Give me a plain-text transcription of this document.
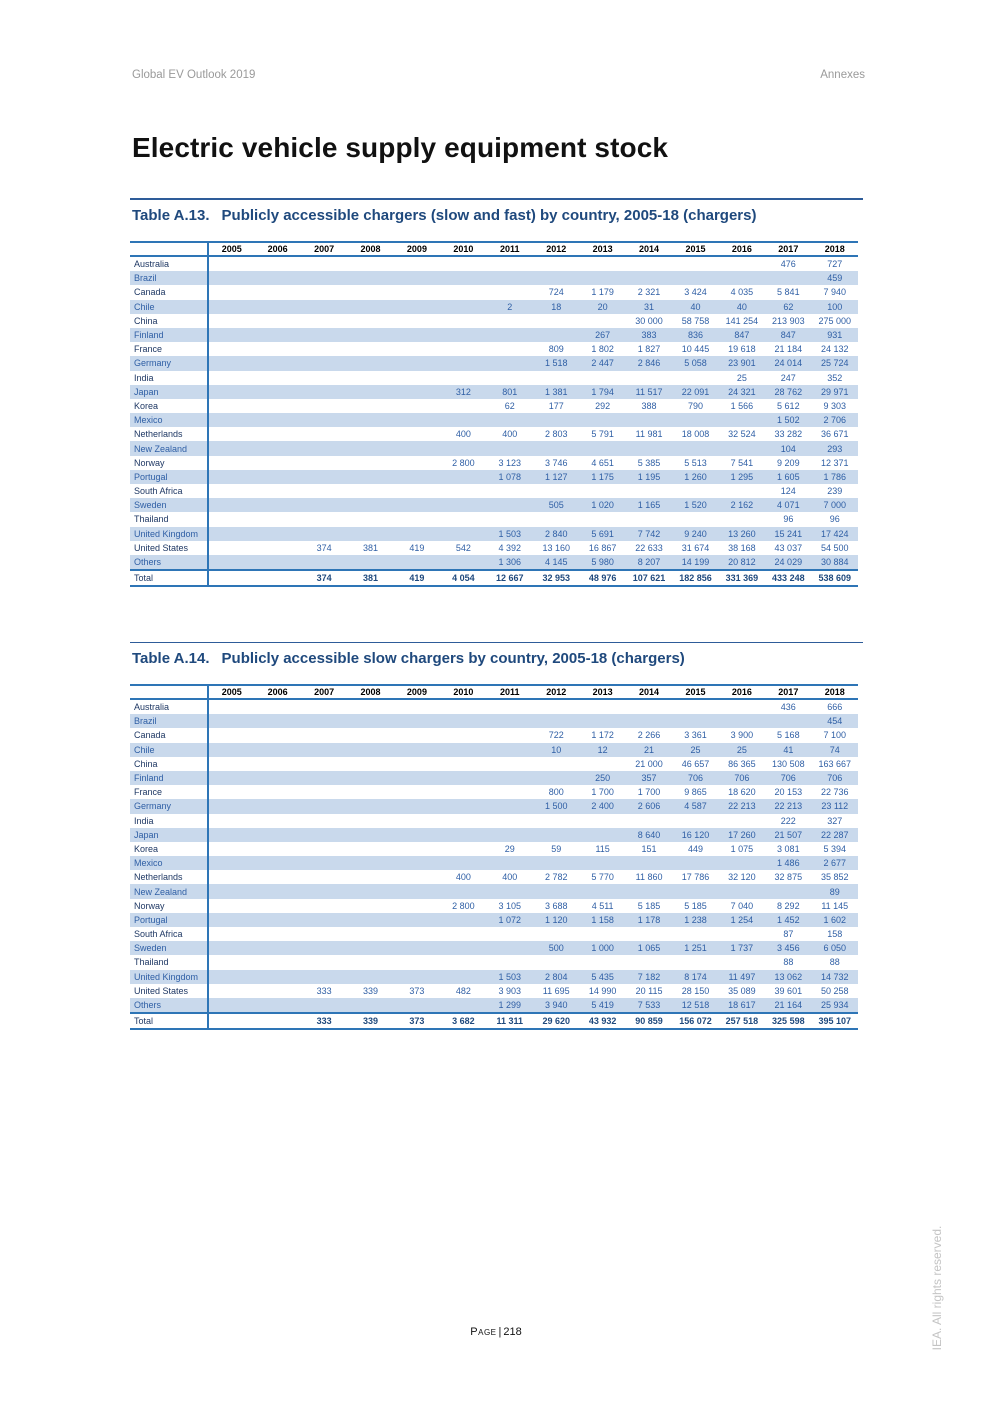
Global EV Outlook 2019	Annexes
Electric vehicle supply equipment stock
Table A.13. Publicly accessible chargers (slow and fast) by country, 2005-18 (chargers)
	2005	2006	2007	2008	2009	2010	2011	2012	2013	2014	2015	2016	2017	2018
Australia													476	727
Brazil														459
Canada								724	1 179	2 321	3 424	4 035	5 841	7 940
Chile							2	18	20	31	40	40	62	100
China										30 000	58 758	141 254	213 903	275 000
Finland									267	383	836	847	847	931
France								809	1 802	1 827	10 445	19 618	21 184	24 132
Germany								1 518	2 447	2 846	5 058	23 901	24 014	25 724
India												25	247	352
Japan						312	801	1 381	1 794	11 517	22 091	24 321	28 762	29 971
Korea							62	177	292	388	790	1 566	5 612	9 303
Mexico													1 502	2 706
Netherlands						400	400	2 803	5 791	11 981	18 008	32 524	33 282	36 671
New Zealand													104	293
Norway						2 800	3 123	3 746	4 651	5 385	5 513	7 541	9 209	12 371
Portugal							1 078	1 127	1 175	1 195	1 260	1 295	1 605	1 786
South Africa													124	239
Sweden								505	1 020	1 165	1 520	2 162	4 071	7 000
Thailand													96	96
United Kingdom							1 503	2 840	5 691	7 742	9 240	13 260	15 241	17 424
United States			374	381	419	542	4 392	13 160	16 867	22 633	31 674	38 168	43 037	54 500
Others							1 306	4 145	5 980	8 207	14 199	20 812	24 029	30 884
Total			374	381	419	4 054	12 667	32 953	48 976	107 621	182 856	331 369	433 248	538 609
Table A.14. Publicly accessible slow chargers by country, 2005-18 (chargers)
	2005	2006	2007	2008	2009	2010	2011	2012	2013	2014	2015	2016	2017	2018
Australia													436	666
Brazil														454
Canada								722	1 172	2 266	3 361	3 900	5 168	7 100
Chile								10	12	21	25	25	41	74
China										21 000	46 657	86 365	130 508	163 667
Finland									250	357	706	706	706	706
France								800	1 700	1 700	9 865	18 620	20 153	22 736
Germany								1 500	2 400	2 606	4 587	22 213	22 213	23 112
India													222	327
Japan										8 640	16 120	17 260	21 507	22 287
Korea							29	59	115	151	449	1 075	3 081	5 394
Mexico													1 486	2 677
Netherlands						400	400	2 782	5 770	11 860	17 786	32 120	32 875	35 852
New Zealand														89
Norway						2 800	3 105	3 688	4 511	5 185	5 185	7 040	8 292	11 145
Portugal							1 072	1 120	1 158	1 178	1 238	1 254	1 452	1 602
South Africa													87	158
Sweden								500	1 000	1 065	1 251	1 737	3 456	6 050
Thailand													88	88
United Kingdom							1 503	2 804	5 435	7 182	8 174	11 497	13 062	14 732
United States			333	339	373	482	3 903	11 695	14 990	20 115	28 150	35 089	39 601	50 258
Others							1 299	3 940	5 419	7 533	12 518	18 617	21 164	25 934
Total			333	339	373	3 682	11 311	29 620	43 932	90 859	156 072	257 518	325 598	395 107
Page | 218	IEA. All rights reserved.
